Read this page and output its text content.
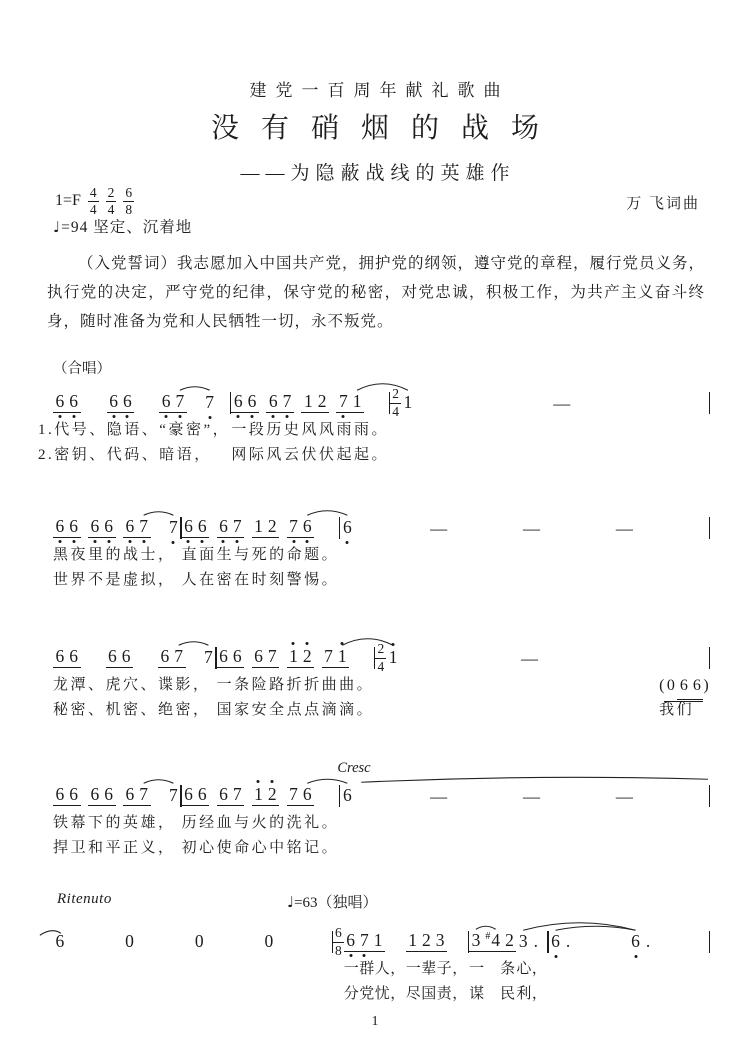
建党一百周年献礼歌曲
没有硝烟的战场
——为隐蔽战线的英雄作
$1=F \frac{4}{4} \frac{2}{4} \frac{6}{8}$	万 飞词曲
♩=94 坚定、沉着地
（入党誓词）我志愿加入中国共产党，拥护党的纲领，遵守党的章程，履行党员义务，执行党的决定，严守党的纪律，保守党的秘密，对党忠诚，积极工作，为共产主义奋斗终身，随时准备为党和人民牺牲一切，永不叛党。
（合唱）
6 6
1.代号、
2.密钥、
6 6
隐语、
代码、
6 7 7
“豪密”，
暗语，
6 6
一段
网际
6 7
历史
风云
1 2
风风
伏伏
7 1
雨雨。
起起。
$\frac{2}{4} 1$	—
6 6
黑夜
世界
6 6
里的
不是
6 7 7
战士，
虚拟，
6 6
直面
人在
6 7
生与
密在
1 2
死的
时刻
7 6
命题。
警惕。
6	—	—	—
6 6
龙潭、
秘密、
6 6
虎穴、
机密、
6 7 7
谍影，
绝密，
6 6
一条
国家
6 7
险路
安全
1 2
折折
点点
7 1
曲曲。
滴滴。
$\frac{2}{4} 1$	—
( 0 6 6 )
我们
6 6
铁幕
捍卫
6 6
下的
和平
6 7 7
英雄，
正义，
6 6
历经
初心
6 7
血与
使命
1 2
火的
心中
7 6
洗礼。
铭记。
6	—	—	—
Cresc
6	0	0	0	$\frac{6}{8} 6$ 7 1
一群人，
分党忧，
1 2 3
一辈子，
尽国责，
3 #4 2
一　条
谋　民
3 .
心，
利，
6 .	6 .
Ritenuto	♩=63（独唱）
1
